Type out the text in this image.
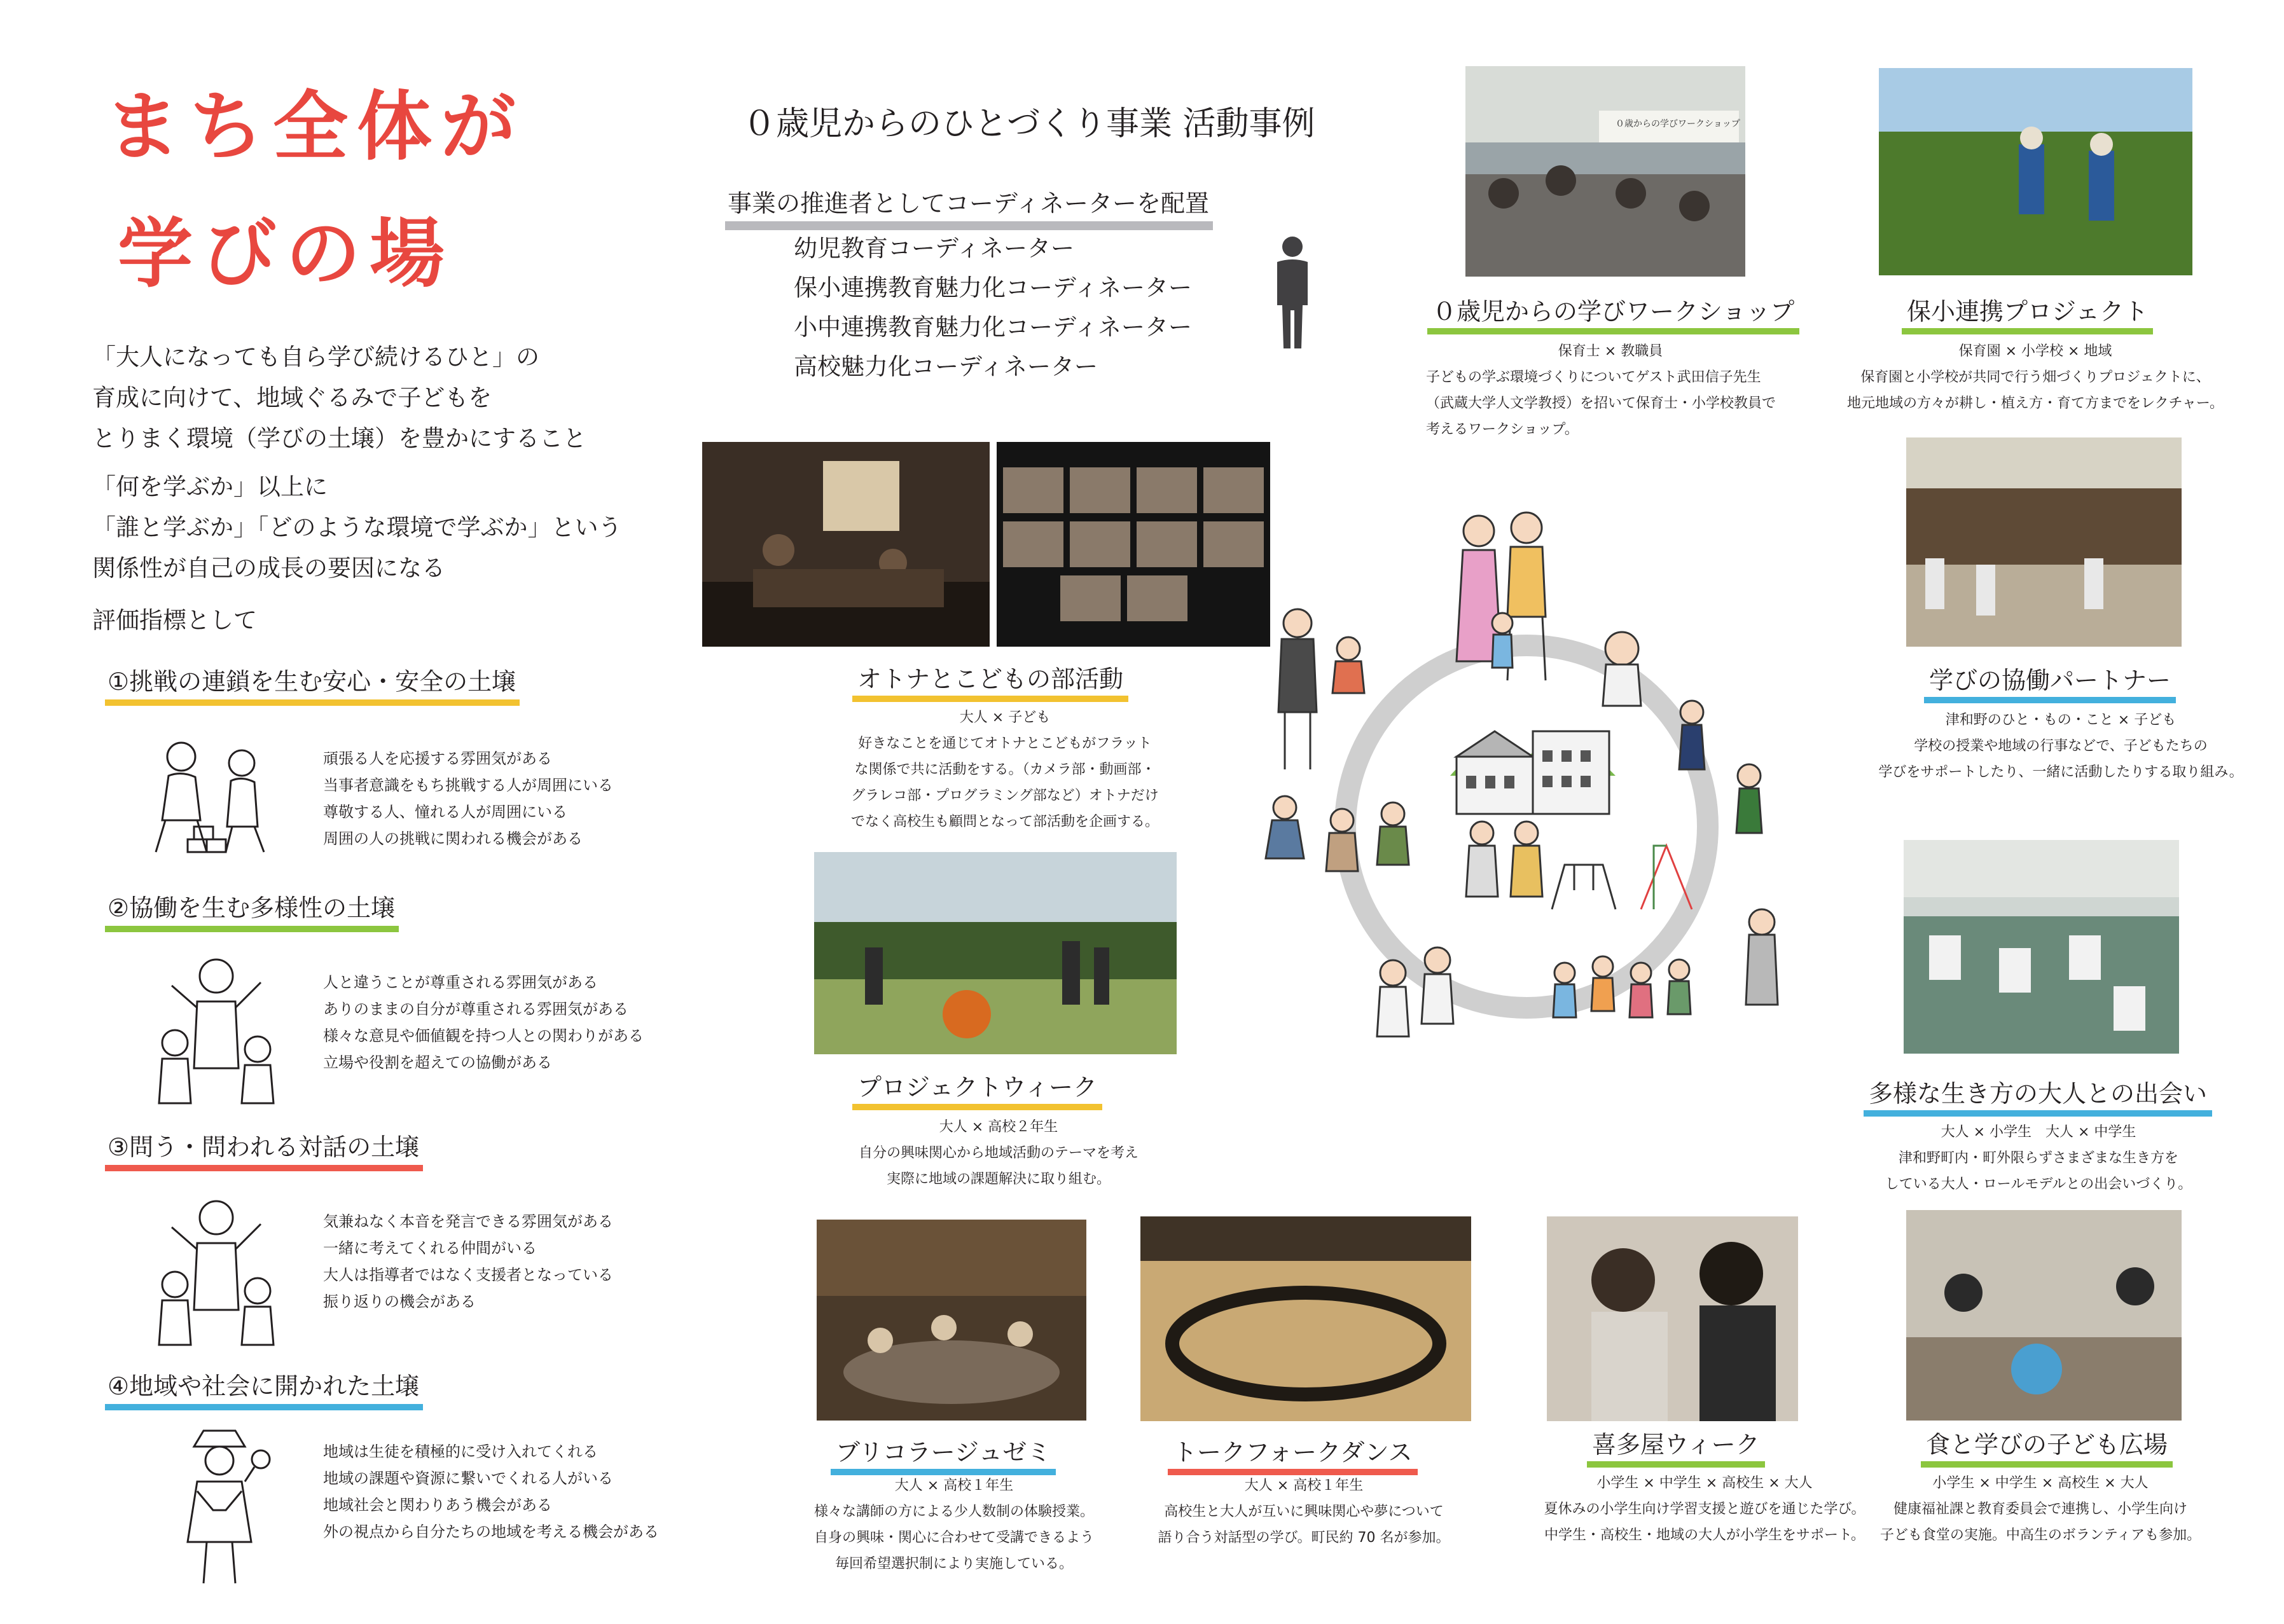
まち全体が
学びの場
「大人になっても自ら学び続けるひと」の
育成に向けて、地域ぐるみで子どもを
とりまく環境（学びの土壌）を豊かにすること
「何を学ぶか」以上に
「誰と学ぶか」「どのような環境で学ぶか」という
関係性が自己の成長の要因になる
評価指標として
①挑戦の連鎖を生む安心・安全の土壌
頑張る人を応援する雰囲気がある
当事者意識をもち挑戦する人が周囲にいる
尊敬する人、憧れる人が周囲にいる
周囲の人の挑戦に関われる機会がある
②協働を生む多様性の土壌
人と違うことが尊重される雰囲気がある
ありのままの自分が尊重される雰囲気がある
様々な意見や価値観を持つ人との関わりがある
立場や役割を超えての協働がある
③問う・問われる対話の土壌
気兼ねなく本音を発言できる雰囲気がある
一緒に考えてくれる仲間がいる
大人は指導者ではなく支援者となっている
振り返りの機会がある
④地域や社会に開かれた土壌
地域は生徒を積極的に受け入れてくれる
地域の課題や資源に繋いでくれる人がいる
地域社会と関わりあう機会がある
外の視点から自分たちの地域を考える機会がある
０歳児からのひとづくり事業 活動事例
事業の推進者としてコーディネーターを配置
幼児教育コーディネーター
保小連携教育魅力化コーディネーター
小中連携教育魅力化コーディネーター
高校魅力化コーディネーター
オトナとこどもの部活動
大人 × 子ども
好きなことを通じてオトナとこどもがフラット
な関係で共に活動をする。（カメラ部・動画部・
グラレコ部・プログラミング部など）オトナだけ
でなく高校生も顧問となって部活動を企画する。
プロジェクトウィーク
大人 × 高校２年生
自分の興味関心から地域活動のテーマを考え
実際に地域の課題解決に取り組む。
ブリコラージュゼミ
大人 × 高校１年生
様々な講師の方による少人数制の体験授業。
自身の興味・関心に合わせて受講できるよう
毎回希望選択制により実施している。
トークフォークダンス
大人 × 高校１年生
高校生と大人が互いに興味関心や夢について
語り合う対話型の学び。町民約 70 名が参加。
喜多屋ウィーク
小学生 × 中学生 × 高校生 × 大人
夏休みの小学生向け学習支援と遊びを通じた学び。
中学生・高校生・地域の大人が小学生をサポート。
食と学びの子ども広場
小学生 × 中学生 × 高校生 × 大人
健康福祉課と教育委員会で連携し、小学生向け
子ども食堂の実施。中高生のボランティアも参加。
０歳からの学びワークショップ
０歳児からの学びワークショップ
保育士 × 教職員
子どもの学ぶ環境づくりについてゲスト武田信子先生
（武蔵大学人文学教授）を招いて保育士・小学校教員で
考えるワークショップ。
保小連携プロジェクト
保育園 × 小学校 × 地域
保育園と小学校が共同で行う畑づくりプロジェクトに、
地元地域の方々が耕し・植え方・育て方までをレクチャー。
学びの協働パートナー
津和野のひと・もの・こと × 子ども
学校の授業や地域の行事などで、子どもたちの
学びをサポートしたり、一緒に活動したりする取り組み。
多様な生き方の大人との出会い
大人 × 小学生　大人 × 中学生
津和野町内・町外限らずさまざまな生き方を
している大人・ロールモデルとの出会いづくり。
